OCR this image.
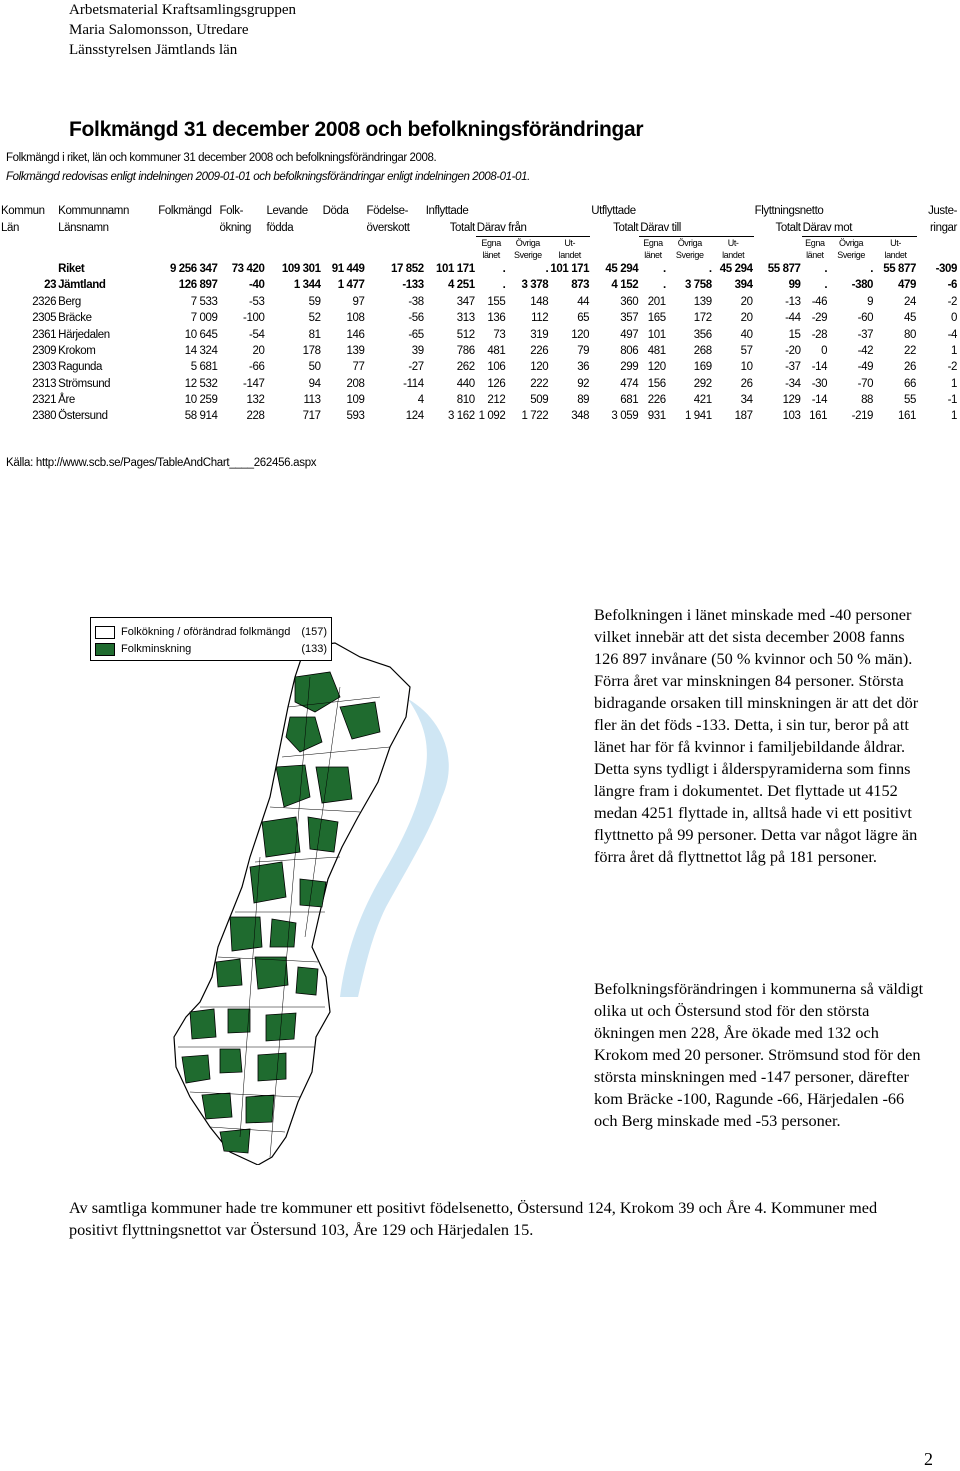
Arbetsmaterial Kraftsamlingsgruppen
Maria Salomonsson, Utredare
Länsstyrelsen Jämtlands län
Folkmängd 31 december 2008 och befolkningsförändringar
Folkmängd i riket, län och kommuner 31 december 2008 och befolkningsförändringar 2008.
Folkmängd redovisas enligt indelningen 2009-01-01 och befolkningsförändringar enligt indelningen 2008-01-01.
Kommun	Kommunnamn	Folkmängd	Folk-	Levande	Döda	Födelse-	Inflyttade				Utflyttade				Flyttningsnetto				Juste-
Län	Länsnamn		ökning	födda		överskott	Totalt	Därav från			Totalt	Därav till			Totalt	Därav mot			ringar
								Egna	Övriga	Ut-		Egna	Övriga	Ut-		Egna	Övriga	Ut-	
								länet	Sverige	landet		länet	Sverige	landet		länet	Sverige	landet	
	Riket	9 256 347	73 420	109 301	91 449	17 852	101 171	.	.	101 171	45 294	.	.	45 294	55 877	.	.	55 877	-309
23	Jämtland	126 897	-40	1 344	1 477	-133	4 251	.	3 378	873	4 152	.	3 758	394	99	.	-380	479	-6
2326	Berg	7 533	-53	59	97	-38	347	155	148	44	360	201	139	20	-13	-46	9	24	-2
2305	Bräcke	7 009	-100	52	108	-56	313	136	112	65	357	165	172	20	-44	-29	-60	45	0
2361	Härjedalen	10 645	-54	81	146	-65	512	73	319	120	497	101	356	40	15	-28	-37	80	-4
2309	Krokom	14 324	20	178	139	39	786	481	226	79	806	481	268	57	-20	0	-42	22	1
2303	Ragunda	5 681	-66	50	77	-27	262	106	120	36	299	120	169	10	-37	-14	-49	26	-2
2313	Strömsund	12 532	-147	94	208	-114	440	126	222	92	474	156	292	26	-34	-30	-70	66	1
2321	Åre	10 259	132	113	109	4	810	212	509	89	681	226	421	34	129	-14	88	55	-1
2380	Östersund	58 914	228	717	593	124	3 162	1 092	1 722	348	3 059	931	1 941	187	103	161	-219	161	1
Källa: http://www.scb.se/Pages/TableAndChart____262456.aspx
Folkökning / oförändrad folkmängd (157)
Folkminskning	(133)
Befolkningen i länet minskade med -40 personer vilket innebär att det sista december 2008 fanns 126 897 invånare (50 % kvinnor och 50 % män). Förra året var minskningen 84 personer. Största bidragande orsaken till minskningen är att det dör fler än det föds -133. Detta, i sin tur, beror på att länet har för få kvinnor i familjebildande åldrar. Detta syns tydligt i ålderspyramiderna som finns längre fram i dokumentet. Det flyttade ut 4152 medan 4251 flyttade in, alltså hade vi ett positivt flyttnetto på 99 personer. Detta var något lägre än förra året då flyttnettot låg på 181 personer.
Befolkningsförändringen i kommunerna så väldigt olika ut och Östersund stod för den största ökningen men 228, Åre ökade med 132 och Krokom med 20 personer. Strömsund stod för den största minskningen med -147 personer, därefter kom Bräcke -100, Ragunde -66, Härjedalen -66 och Berg minskade med -53 personer.
Av samtliga kommuner hade tre kommuner ett positivt födelsenetto, Östersund 124, Krokom 39 och Åre 4. Kommuner med positivt flyttningsnettot var Östersund 103, Åre 129 och Härjedalen 15.
2
